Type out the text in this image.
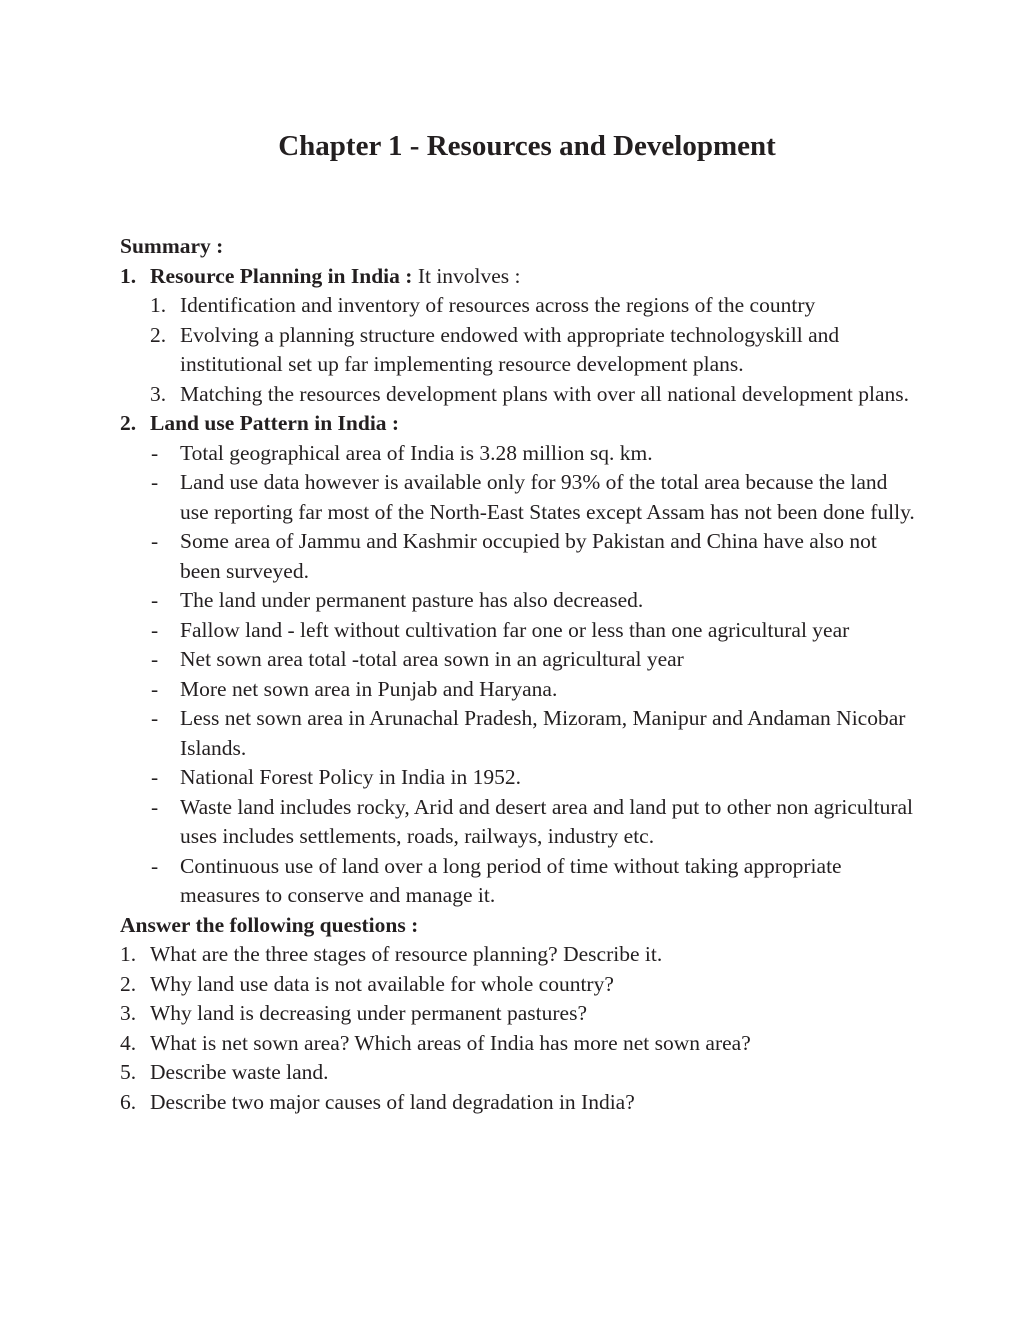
Chapter 1 - Resources and Development
Summary :
1. Resource Planning in India : It involves :
1. Identification and inventory of resources across the regions of the country
2. Evolving a planning structure endowed with appropriate technologyskill and institutional set up far implementing resource development plans.
3. Matching the resources development plans with over all national development plans.
2. Land use Pattern in India :
-	Total geographical area of India is 3.28 million sq. km.
-	Land use data however is available only for 93% of the total area because the land use reporting far most of the North-East States except Assam has not been done fully.
-	Some area of Jammu and Kashmir occupied by Pakistan and China have also not been surveyed.
-	The land under permanent pasture has also decreased.
-	Fallow land - left without cultivation far one or less than one agricultural year
-	Net sown area total -total area sown in an agricultural year
-	More net sown area in Punjab and Haryana.
-	Less net sown area in Arunachal Pradesh, Mizoram, Manipur and Andaman Nicobar Islands.
-	National Forest Policy in India in 1952.
-	Waste land includes rocky, Arid and desert area and land put to other non agricultural uses includes settlements, roads, railways, industry etc.
-	Continuous use of land over a long period of time without taking appropriate measures to conserve and manage it.
Answer the following questions :
1. What are the three stages of resource planning? Describe it.
2. Why land use data is not available for whole country?
3. Why land is decreasing under permanent pastures?
4. What is net sown area? Which areas of India has more net sown area?
5. Describe waste land.
6. Describe two major causes of land degradation in India?
